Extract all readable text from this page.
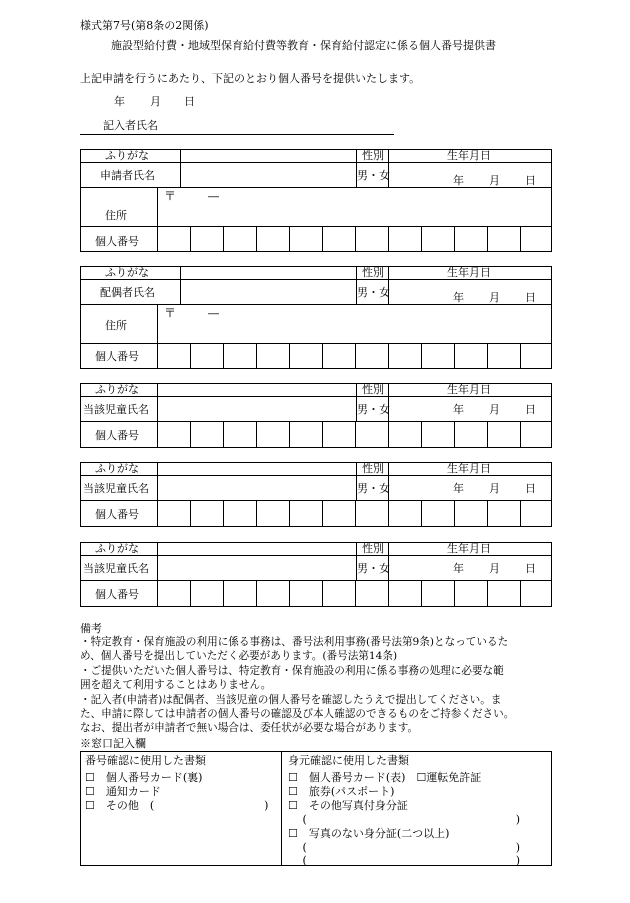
様式第7号(第8条の2関係)
施設型給付費・地域型保育給付費等教育・保育給付認定に係る個人番号提供書
上記申請を行うにあたり、下記のとおり個人番号を提供いたします。
年 月 日
記入者氏名
ふりがな	性別	生年月日
申請者氏名	男・女	年 月 日
〒	―
住所
個人番号
ふりがな	性別	生年月日
配偶者氏名	男・女	年 月 日
〒	―
住所
個人番号
ふりがな	性別	生年月日
当該児童氏名	男・女	年 月 日
個人番号
ふりがな	性別	生年月日
当該児童氏名	男・女	年 月 日
個人番号
ふりがな	性別	生年月日
当該児童氏名	男・女	年 月 日
個人番号
備考
・特定教育・保育施設の利用に係る事務は、番号法利用事務(番号法第9条)となっているた
め、個人番号を提出していただく必要があります。(番号法第14条)
・ご提供いただいた個人番号は、特定教育・保育施設の利用に係る事務の処理に必要な範
囲を超えて利用することはありません。
・記入者(申請者)は配偶者、当該児童の個人番号を確認したうえで提出してください。ま
た、申請に際しては申請者の個人番号の確認及び本人確認のできるものをご持参ください。
なお、提出者が申請者で無い場合は、委任状が必要な場合があります。
※窓口記入欄
番号確認に使用した書類
☐　個人番号カード(裏)
☐　通知カード
☐　その他　(　　　　　　　　　　)
身元確認に使用した書類
☐　個人番号カード(表)　☐運転免許証
☐　旅券(パスポート)
☐　その他写真付身分証
　 (　　　　　　　　　　　　　　　　　　　)
☐　写真のない身分証(二つ以上)
　 (　　　　　　　　　　　　　　　　　　　)
　 (　　　　　　　　　　　　　　　　　　　)
